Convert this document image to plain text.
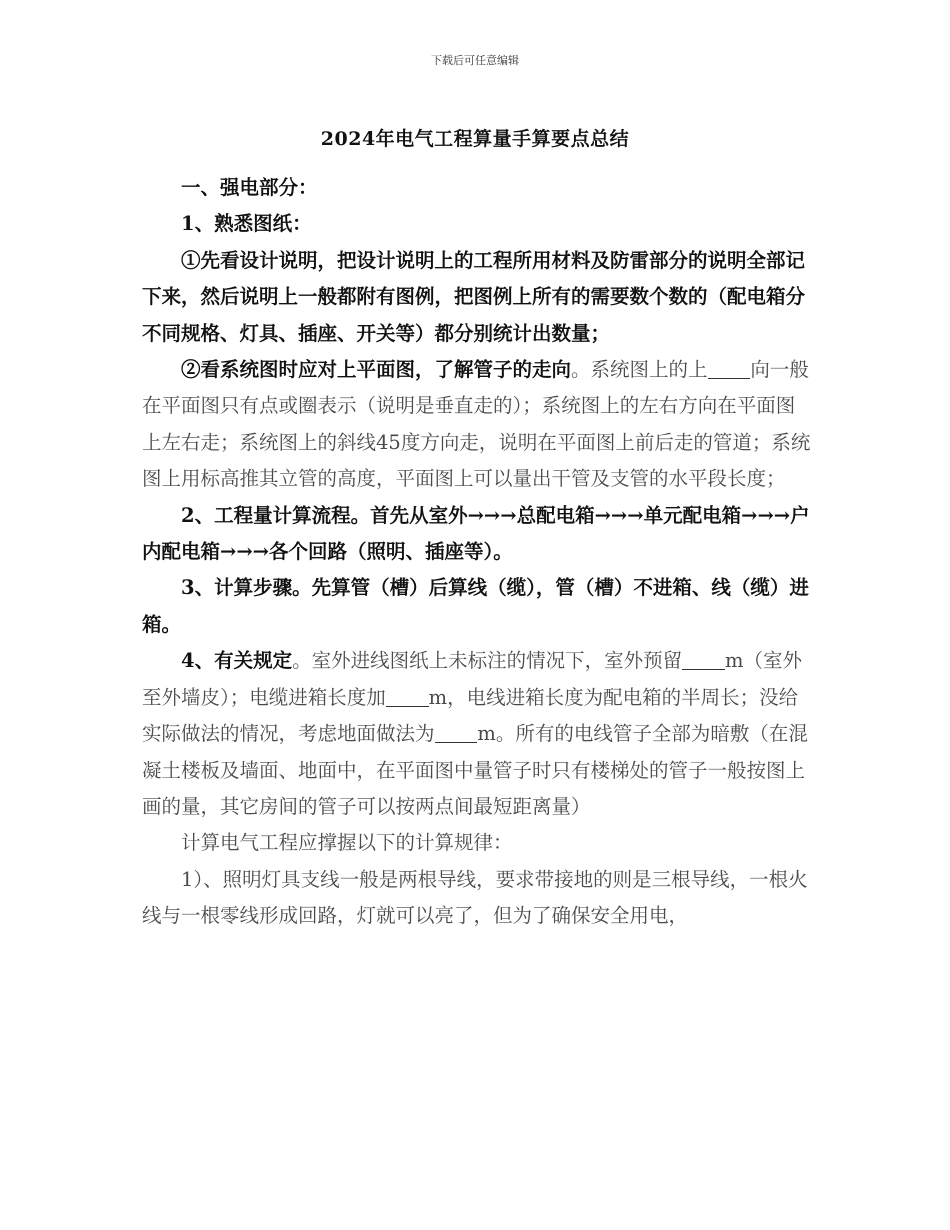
下载后可任意编辑
2024年电气工程算量手算要点总结

一、强电部分：

1、熟悉图纸：

①先看设计说明，把设计说明上的工程所用材料及防雷部分的说明全部记下来，然后说明上一般都附有图例，把图例上所有的需要数个数的（配电箱分不同规格、灯具、插座、开关等）都分别统计出数量；

②看系统图时应对上平面图，了解管子的走向。系统图上的上 向一般在平面图只有点或圈表示（说明是垂直走的）；系统图上的左右方向在平面图上左右走；系统图上的斜线45度方向走，说明在平面图上前后走的管道；系统图上用标高推其立管的高度，平面图上可以量出干管及支管的水平段长度；

2、工程量计算流程。首先从室外→→→总配电箱→→→单元配电箱→→→户内配电箱→→→各个回路（照明、插座等）。

3、计算步骤。先算管（槽）后算线（缆），管（槽）不进箱、线（缆）进箱。

4、有关规定。室外进线图纸上未标注的情况下，室外预留 m（室外至外墙皮）；电缆进箱长度加 m，电线进箱长度为配电箱的半周长；没给实际做法的情况，考虑地面做法为 m。所有的电线管子全部为暗敷（在混凝土楼板及墙面、地面中，在平面图中量管子时只有楼梯处的管子一般按图上画的量，其它房间的管子可以按两点间最短距离量）

计算电气工程应撑握以下的计算规律：

1）、照明灯具支线一般是两根导线，要求带接地的则是三根导线，一根火线与一根零线形成回路，灯就可以亮了，但为了确保安全用电，
